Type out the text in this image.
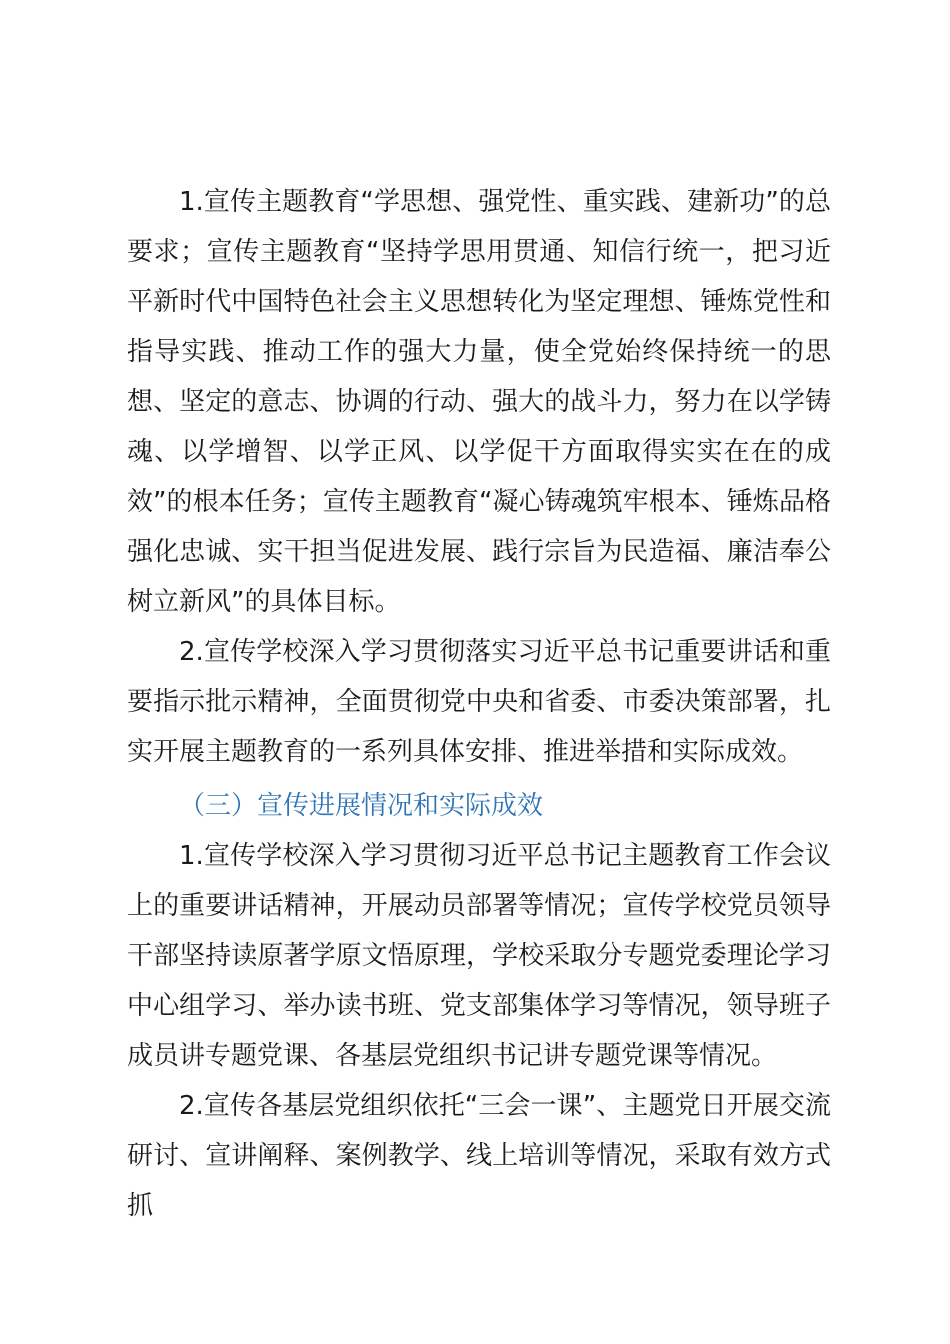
1.宣传主题教育“学思想、强党性、重实践、建新功”的总要求；宣传主题教育“坚持学思用贯通、知信行统一，把习近平新时代中国特色社会主义思想转化为坚定理想、锤炼党性和指导实践、推动工作的强大力量，使全党始终保持统一的思想、坚定的意志、协调的行动、强大的战斗力，努力在以学铸魂、以学增智、以学正风、以学促干方面取得实实在在的成效”的根本任务；宣传主题教育“凝心铸魂筑牢根本、锤炼品格强化忠诚、实干担当促进发展、践行宗旨为民造福、廉洁奉公树立新风”的具体目标。

2.宣传学校深入学习贯彻落实习近平总书记重要讲话和重要指示批示精神，全面贯彻党中央和省委、市委决策部署，扎实开展主题教育的一系列具体安排、推进举措和实际成效。

（三）宣传进展情况和实际成效

1.宣传学校深入学习贯彻习近平总书记主题教育工作会议上的重要讲话精神，开展动员部署等情况；宣传学校党员领导干部坚持读原著学原文悟原理，学校采取分专题党委理论学习中心组学习、举办读书班、党支部集体学习等情况，领导班子成员讲专题党课、各基层党组织书记讲专题党课等情况。

2.宣传各基层党组织依托“三会一课”、主题党日开展交流研讨、宣讲阐释、案例教学、线上培训等情况，采取有效方式抓
